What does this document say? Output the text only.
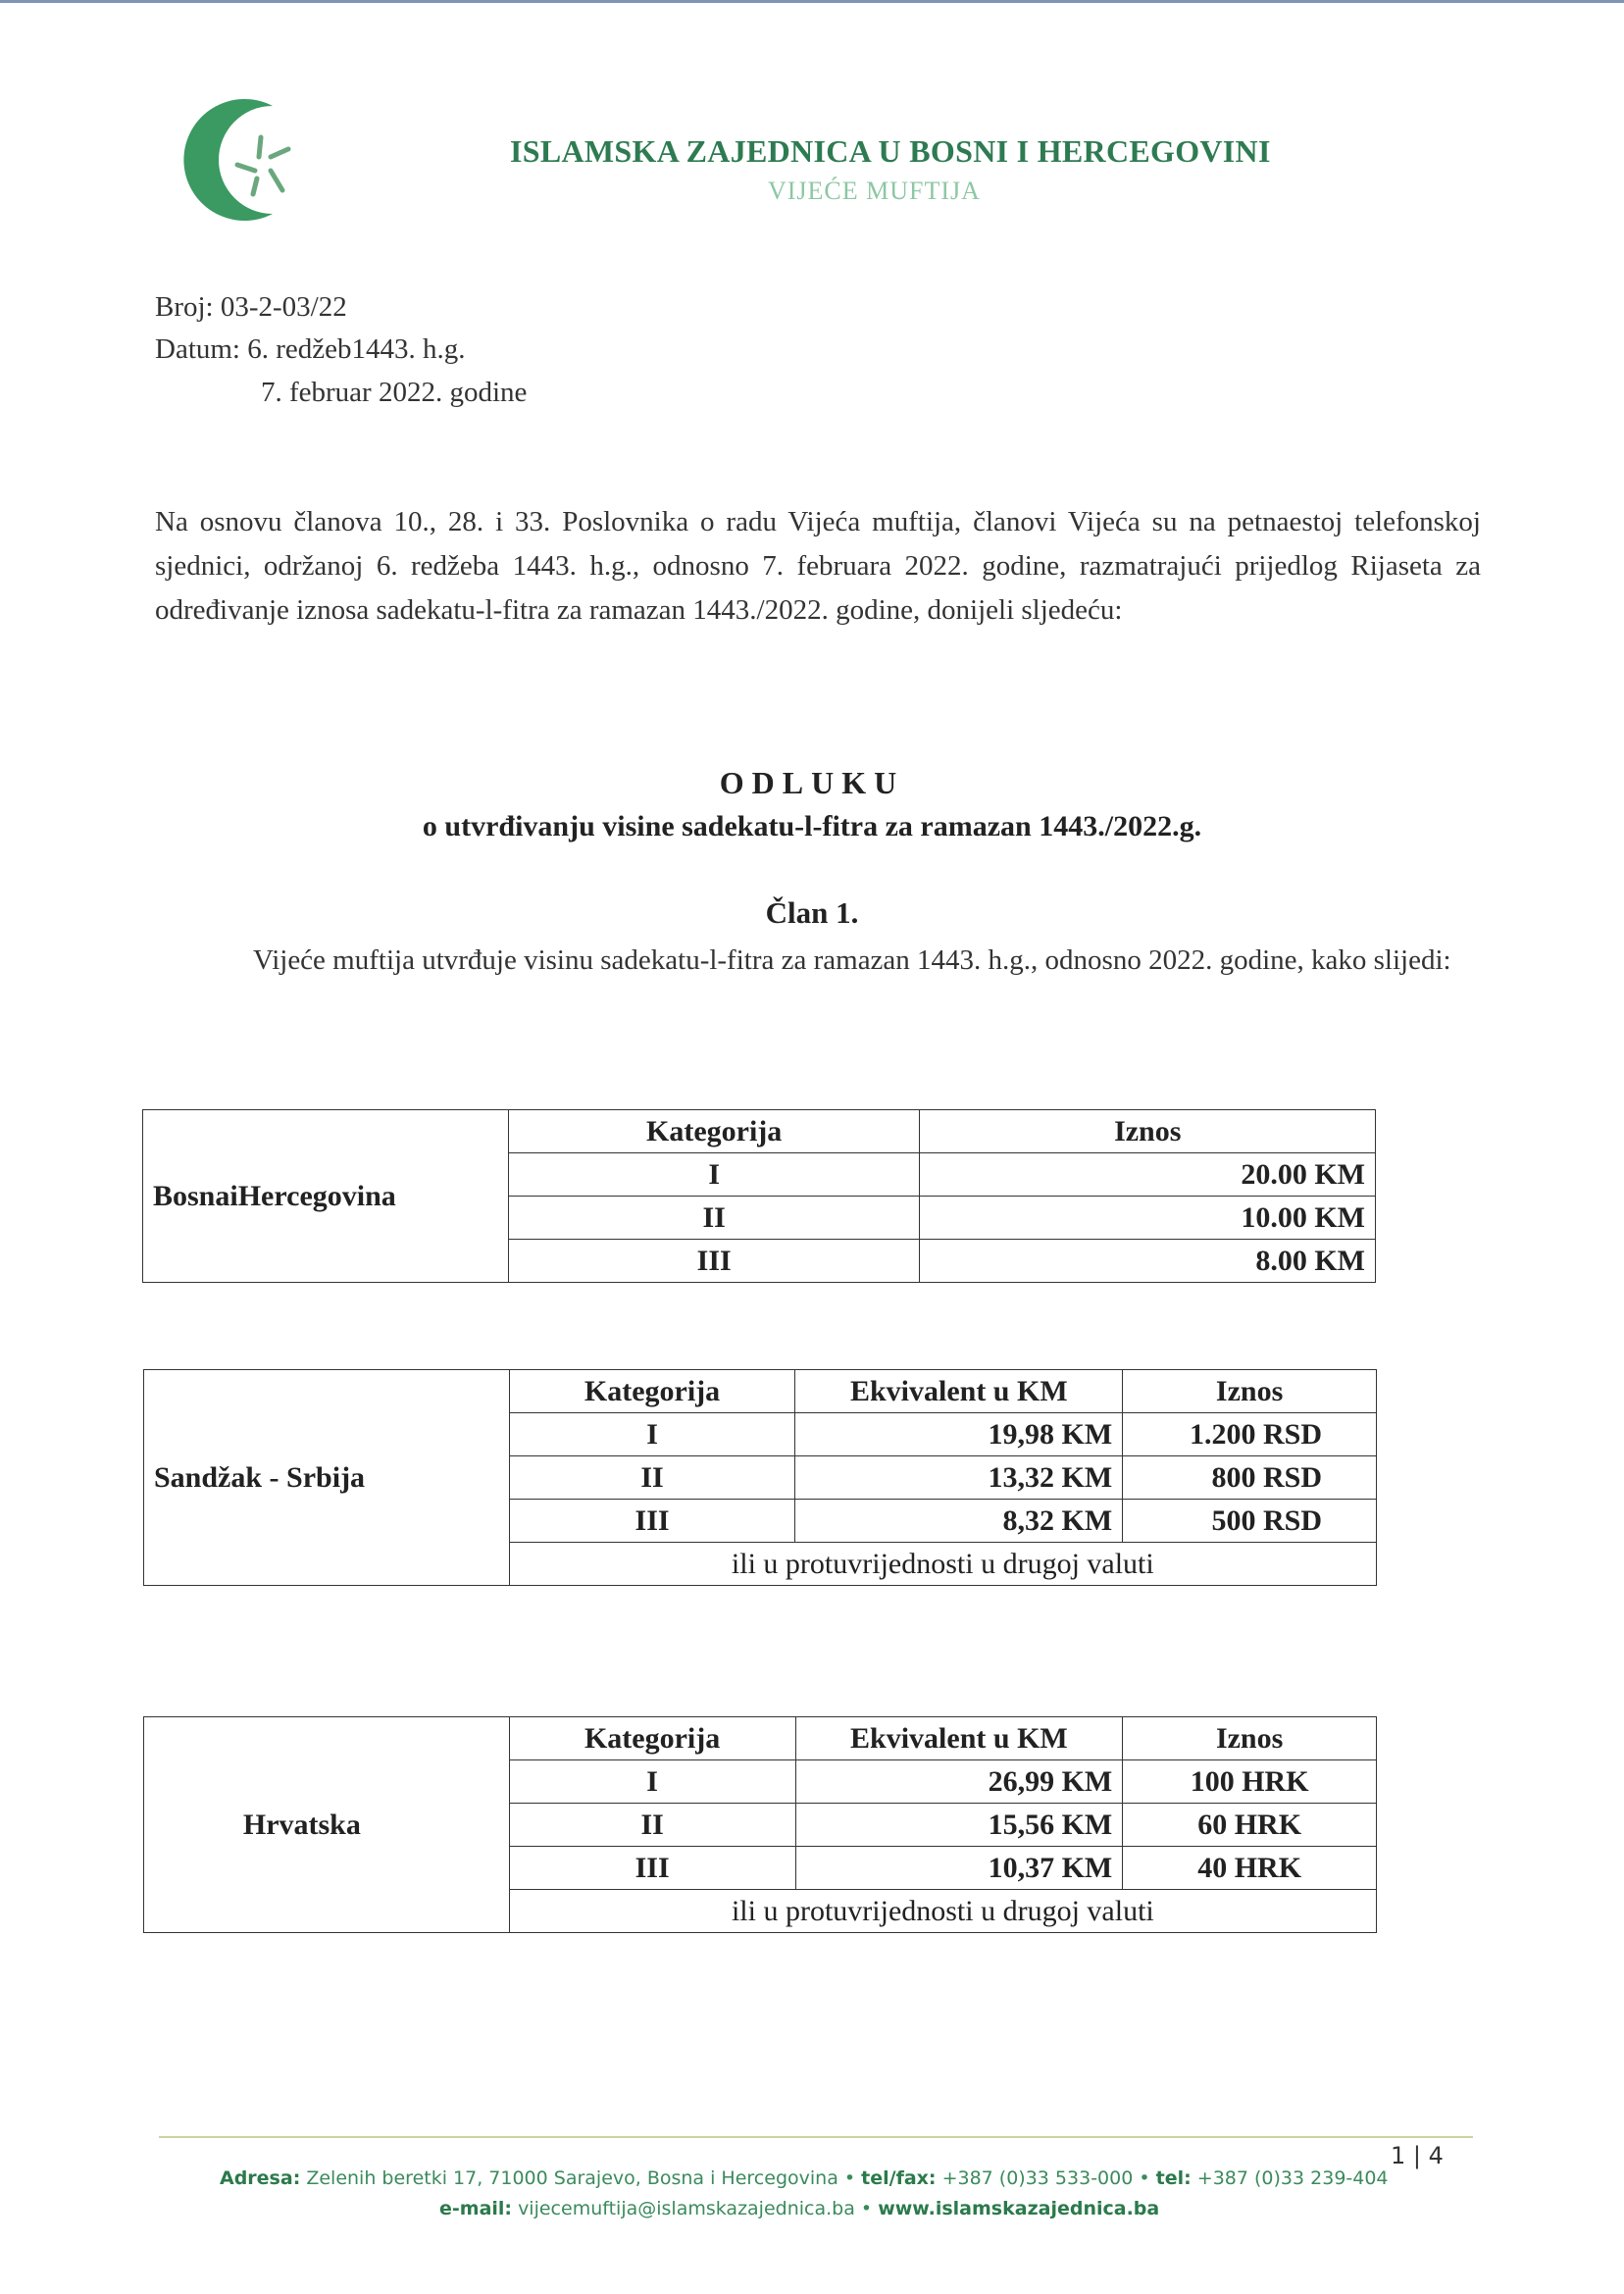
ISLAMSKA ZAJEDNICA U BOSNI I HERCEGOVINI
VIJEĆE MUFTIJA
Broj: 03-2-03/22
Datum: 6. redžeb1443. h.g.
7. februar 2022. godine
Na osnovu članova 10., 28. i 33. Poslovnika o radu Vijeća muftija, članovi Vijeća su na petnaestoj telefonskoj sjednici, održanoj 6. redžeba 1443. h.g., odnosno 7. februara 2022. godine, razmatrajući prijedlog Rijaseta za određivanje iznosa sadekatu-l-fitra za ramazan 1443./2022. godine, donijeli sljedeću:
ODLUKU
o utvrđivanju visine sadekatu-l-fitra za ramazan 1443./2022.g.
Član 1.
Vijeće muftija utvrđuje visinu sadekatu-l-fitra za ramazan 1443. h.g., odnosno 2022. godine, kako slijedi:
BosnaiHercegovina	Kategorija	Iznos
	I	20.00 KM
	II	10.00 KM
	III	8.00 KM
Sandžak - Srbija	Kategorija	Ekvivalent u KM	Iznos
	I	19,98 KM	1.200 RSD
	II	13,32 KM	800 RSD
	III	8,32 KM	500 RSD
	ili u protuvrijednosti u drugoj valuti		
Hrvatska	Kategorija	Ekvivalent u KM	Iznos
	I	26,99 KM	100 HRK
	II	15,56 KM	60 HRK
	III	10,37 KM	40 HRK
	ili u protuvrijednosti u drugoj valuti		
1 | 4
Adresa: Zelenih beretki 17, 71000 Sarajevo, Bosna i Hercegovina • tel/fax: +387 (0)33 533-000 • tel: +387 (0)33 239-404
e-mail: vijecemuftija@islamskazajednica.ba • www.islamskazajednica.ba
